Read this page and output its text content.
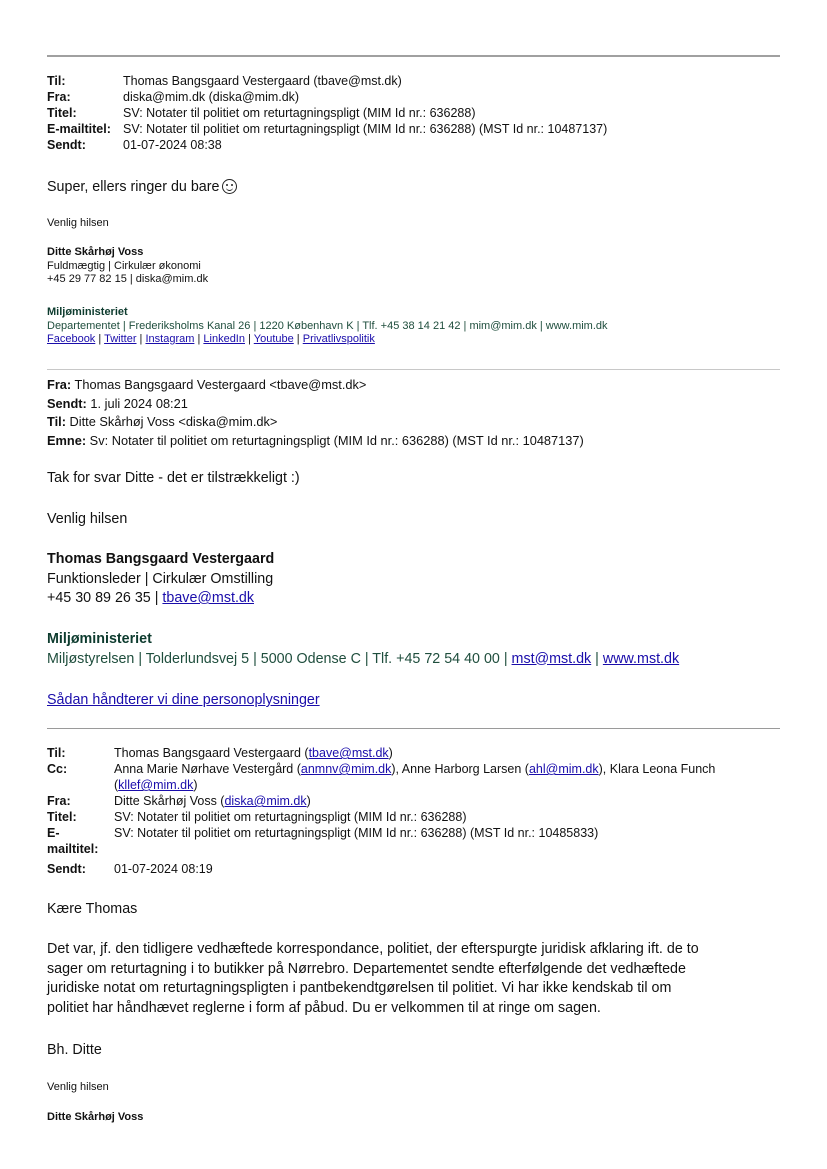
Til:	Thomas Bangsgaard Vestergaard (tbave@mst.dk)
Fra:	diska@mim.dk (diska@mim.dk)
Titel:	SV: Notater til politiet om returtagningspligt (MIM Id nr.: 636288)
E-mailtitel: SV: Notater til politiet om returtagningspligt (MIM Id nr.: 636288) (MST Id nr.: 10487137)
Sendt:	01-07-2024 08:38
Super, ellers ringer du bare
Venlig hilsen
Ditte Skårhøj Voss
Fuldmægtig | Cirkulær økonomi
+45 29 77 82 15 | diska@mim.dk
Miljøministeriet
Departementet | Frederiksholms Kanal 26 | 1220 København K | Tlf. +45 38 14 21 42 | mim@mim.dk | www.mim.dk
Facebook | Twitter | Instagram | LinkedIn | Youtube | Privatlivspolitik
Fra: Thomas Bangsgaard Vestergaard <tbave@mst.dk>
Sendt: 1. juli 2024 08:21
Til: Ditte Skårhøj Voss <diska@mim.dk>
Emne: Sv: Notater til politiet om returtagningspligt (MIM Id nr.: 636288) (MST Id nr.: 10487137)
Tak for svar Ditte - det er tilstrækkeligt :)
Venlig hilsen
Thomas Bangsgaard Vestergaard
Funktionsleder | Cirkulær Omstilling
+45 30 89 26 35 | tbave@mst.dk
Miljøministeriet
Miljøstyrelsen | Tolderlundsvej 5 | 5000 Odense C | Tlf. +45 72 54 40 00 | mst@mst.dk | www.mst.dk
Sådan håndterer vi dine personoplysninger
Til:	Thomas Bangsgaard Vestergaard (tbave@mst.dk)
Cc:	Anna Marie Nørhave Vestergård (anmnv@mim.dk), Anne Harborg Larsen (ahl@mim.dk), Klara Leona Funch
(kllef@mim.dk)
Fra:	Ditte Skårhøj Voss (diska@mim.dk)
Titel:	SV: Notater til politiet om returtagningspligt (MIM Id nr.: 636288)
E-
mailtitel:
SV: Notater til politiet om returtagningspligt (MIM Id nr.: 636288) (MST Id nr.: 10485833)
Sendt: 01-07-2024 08:19
Kære Thomas
Det var, jf. den tidligere vedhæftede korrespondance, politiet, der efterspurgte juridisk afklaring ift. de to
sager om returtagning i to butikker på Nørrebro. Departementet sendte efterfølgende det vedhæftede
juridiske notat om returtagningspligten i pantbekendtgørelsen til politiet. Vi har ikke kendskab til om
politiet har håndhævet reglerne i form af påbud. Du er velkommen til at ringe om sagen.
Bh. Ditte
Venlig hilsen
Ditte Skårhøj Voss
